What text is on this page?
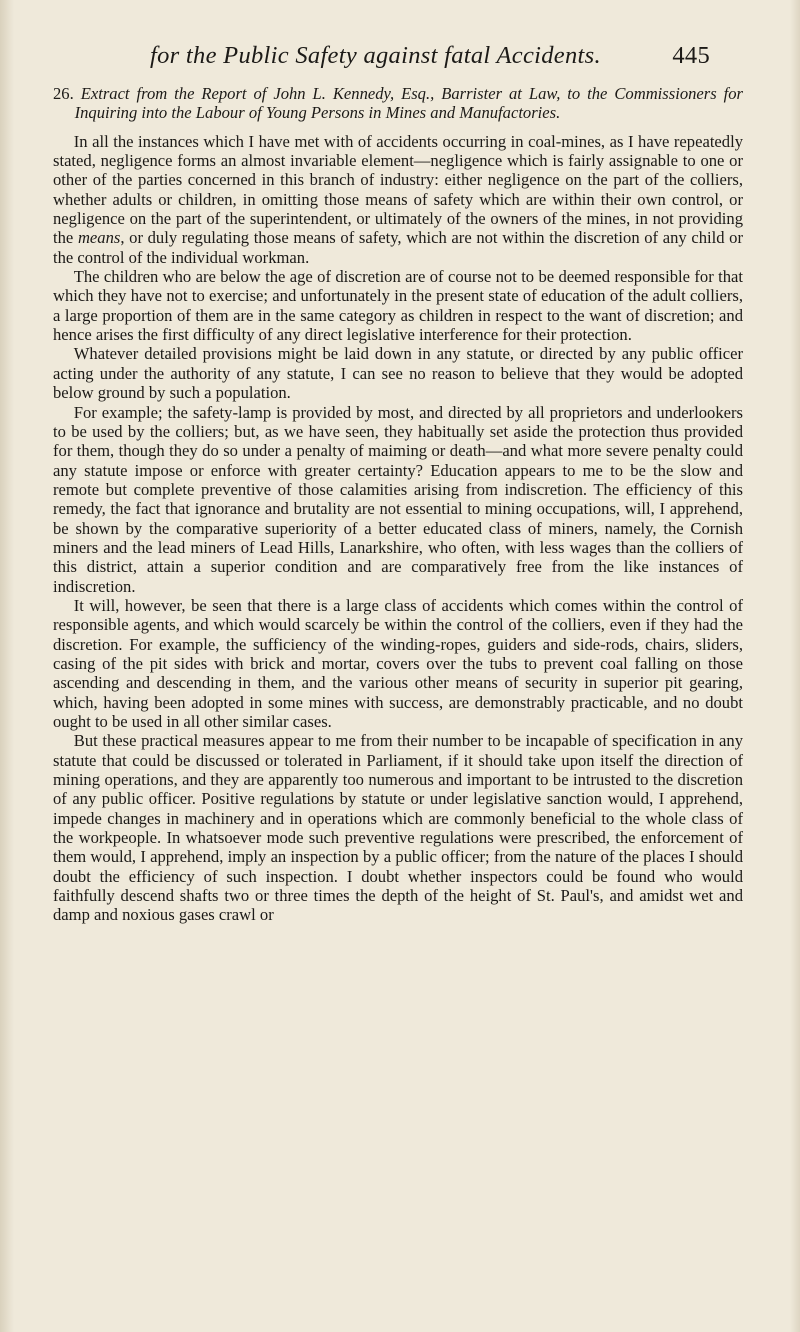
for the Public Safety against fatal Accidents.	445

26. Extract from the Report of John L. Kennedy, Esq., Barrister at Law, to the Commissioners for Inquiring into the Labour of Young Persons in Mines and Manufactories.

In all the instances which I have met with of accidents occurring in coal-mines, as I have repeatedly stated, negligence forms an almost invariable element—negligence which is fairly assignable to one or other of the parties concerned in this branch of industry: either negligence on the part of the colliers, whether adults or children, in omitting those means of safety which are within their own control, or negligence on the part of the superintendent, or ultimately of the owners of the mines, in not providing the means, or duly regulating those means of safety, which are not within the discretion of any child or the control of the individual workman.

The children who are below the age of discretion are of course not to be deemed responsible for that which they have not to exercise; and unfortunately in the present state of education of the adult colliers, a large proportion of them are in the same category as children in respect to the want of discretion; and hence arises the first difficulty of any direct legislative interference for their protection.

Whatever detailed provisions might be laid down in any statute, or directed by any public officer acting under the authority of any statute, I can see no reason to believe that they would be adopted below ground by such a population.

For example; the safety-lamp is provided by most, and directed by all proprietors and underlookers to be used by the colliers; but, as we have seen, they habitually set aside the protection thus provided for them, though they do so under a penalty of maiming or death—and what more severe penalty could any statute impose or enforce with greater certainty? Education appears to me to be the slow and remote but complete preventive of those calamities arising from indiscretion. The efficiency of this remedy, the fact that ignorance and brutality are not essential to mining occupations, will, I apprehend, be shown by the comparative superiority of a better educated class of miners, namely, the Cornish miners and the lead miners of Lead Hills, Lanarkshire, who often, with less wages than the colliers of this district, attain a superior condition and are comparatively free from the like instances of indiscretion.

It will, however, be seen that there is a large class of accidents which comes within the control of responsible agents, and which would scarcely be within the control of the colliers, even if they had the discretion. For example, the sufficiency of the winding-ropes, guiders and side-rods, chairs, sliders, casing of the pit sides with brick and mortar, covers over the tubs to prevent coal falling on those ascending and descending in them, and the various other means of security in superior pit gearing, which, having been adopted in some mines with success, are demonstrably practicable, and no doubt ought to be used in all other similar cases.

But these practical measures appear to me from their number to be incapable of specification in any statute that could be discussed or tolerated in Parliament, if it should take upon itself the direction of mining operations, and they are apparently too numerous and important to be intrusted to the discretion of any public officer. Positive regulations by statute or under legislative sanction would, I apprehend, impede changes in machinery and in operations which are commonly beneficial to the whole class of the workpeople. In whatsoever mode such preventive regulations were prescribed, the enforcement of them would, I apprehend, imply an inspection by a public officer; from the nature of the places I should doubt the efficiency of such inspection. I doubt whether inspectors could be found who would faithfully descend shafts two or three times the depth of the height of St. Paul's, and amidst wet and damp and noxious gases crawl or
